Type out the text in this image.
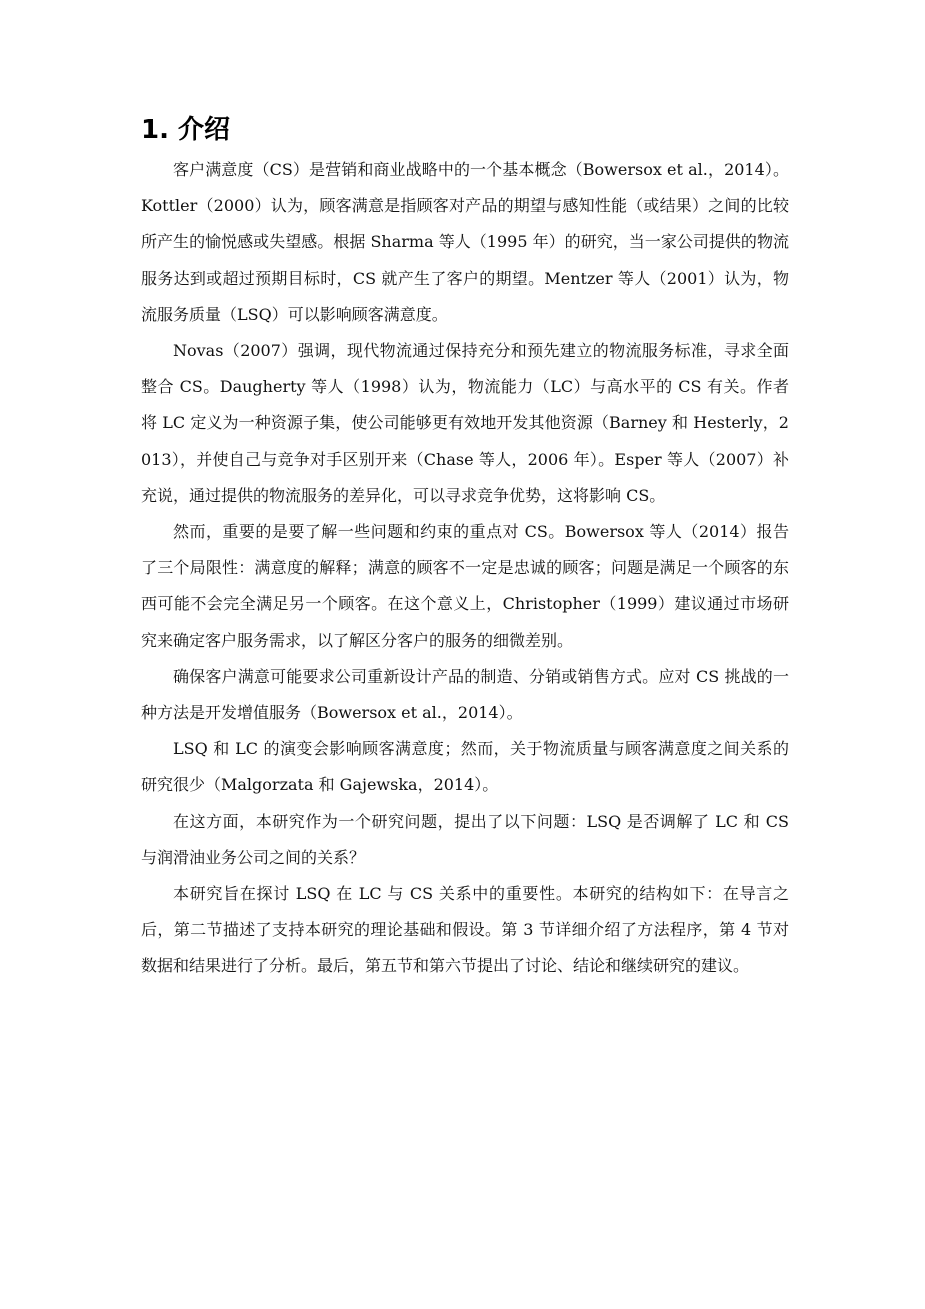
1. 介绍

客户满意度（CS）是营销和商业战略中的一个基本概念（Bowersox et al.，2014）。Kottler（2000）认为，顾客满意是指顾客对产品的期望与感知性能（或结果）之间的比较所产生的愉悦感或失望感。根据 Sharma 等人（1995 年）的研究，当一家公司提供的物流服务达到或超过预期目标时，CS 就产生了客户的期望。Mentzer 等人（2001）认为，物流服务质量（LSQ）可以影响顾客满意度。

Novas（2007）强调，现代物流通过保持充分和预先建立的物流服务标准，寻求全面整合 CS。Daugherty 等人（1998）认为，物流能力（LC）与高水平的 CS 有关。作者将 LC 定义为一种资源子集，使公司能够更有效地开发其他资源（Barney 和 Hesterly，2013），并使自己与竞争对手区别开来（Chase 等人，2006 年）。Esper 等人（2007）补充说，通过提供的物流服务的差异化，可以寻求竞争优势，这将影响 CS。

然而，重要的是要了解一些问题和约束的重点对 CS。Bowersox 等人（2014）报告了三个局限性：满意度的解释；满意的顾客不一定是忠诚的顾客；问题是满足一个顾客的东西可能不会完全满足另一个顾客。在这个意义上，Christopher（1999）建议通过市场研究来确定客户服务需求，以了解区分客户的服务的细微差别。

确保客户满意可能要求公司重新设计产品的制造、分销或销售方式。应对 CS 挑战的一种方法是开发增值服务（Bowersox et al.，2014）。

LSQ 和 LC 的演变会影响顾客满意度；然而，关于物流质量与顾客满意度之间关系的研究很少（Malgorzata 和 Gajewska，2014）。

在这方面，本研究作为一个研究问题，提出了以下问题：LSQ 是否调解了 LC 和 CS 与润滑油业务公司之间的关系？

本研究旨在探讨 LSQ 在 LC 与 CS 关系中的重要性。本研究的结构如下：在导言之后，第二节描述了支持本研究的理论基础和假设。第 3 节详细介绍了方法程序，第 4 节对数据和结果进行了分析。最后，第五节和第六节提出了讨论、结论和继续研究的建议。
